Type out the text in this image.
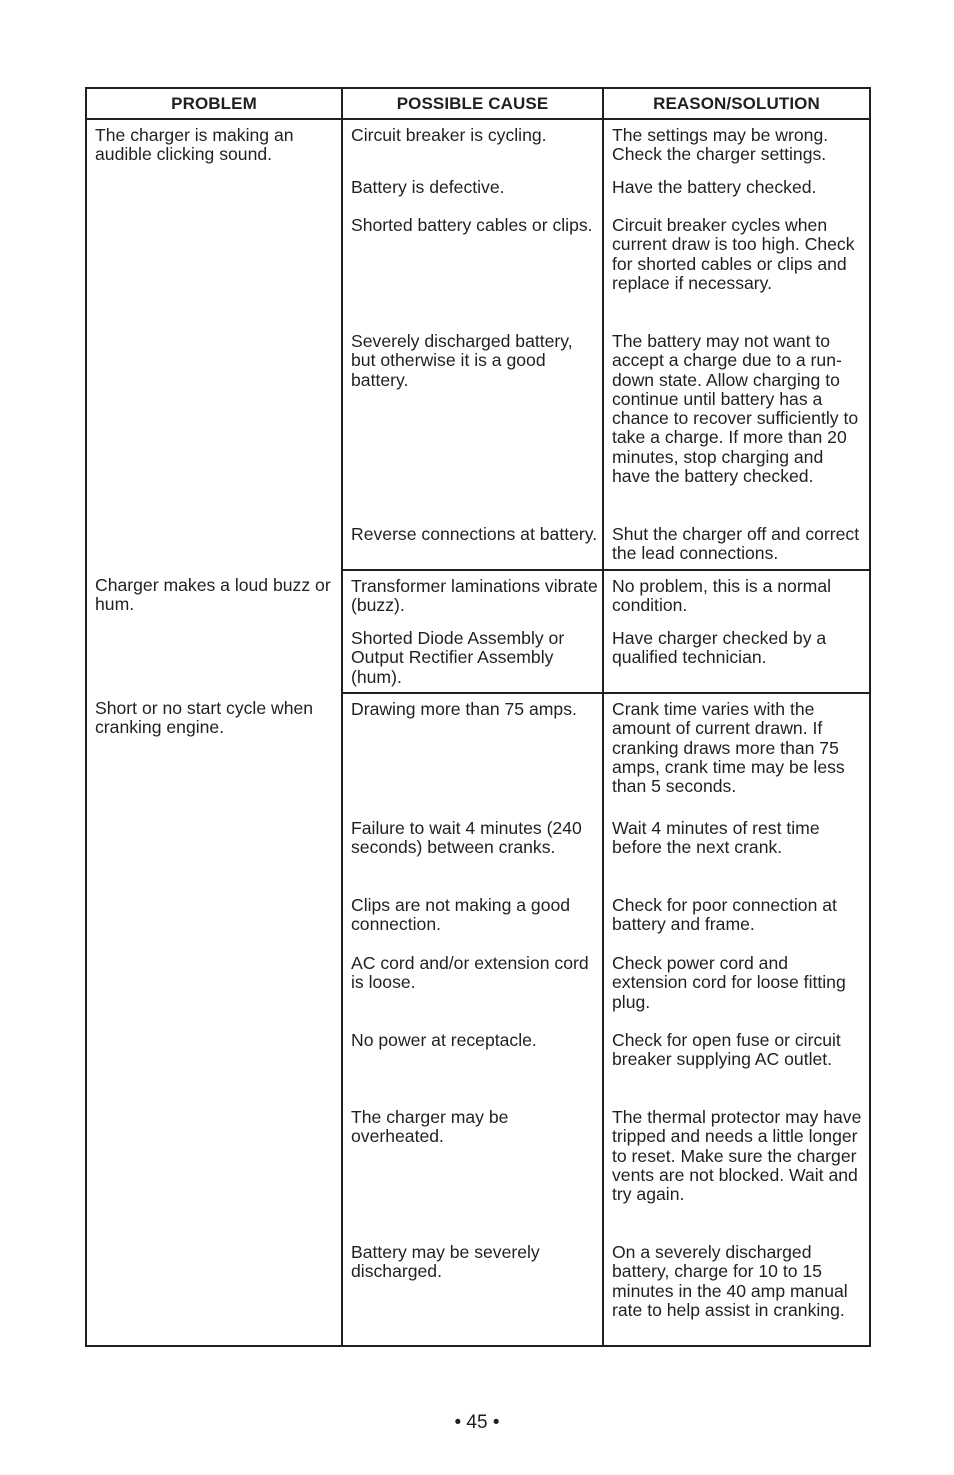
PROBLEM	POSSIBLE CAUSE	REASON/SOLUTION

The charger is making an audible clicking sound.	Circuit breaker is cycling.	The settings may be wrong. Check the charger settings.

	Battery is defective.	Have the battery checked.

	Shorted battery cables or clips.	Circuit breaker cycles when current draw is too high. Check for shorted cables or clips and replace if necessary.

	Severely discharged battery, but otherwise it is a good battery.	The battery may not want to accept a charge due to a run-down state. Allow charging to continue until battery has a chance to recover sufficiently to take a charge. If more than 20 minutes, stop charging and have the battery checked.

	Reverse connections at battery.	Shut the charger off and correct the lead connections.

Charger makes a loud buzz or hum.	Transformer laminations vibrate (buzz).	No problem, this is a normal condition.

	Shorted Diode Assembly or Output Rectifier Assembly (hum).	Have charger checked by a qualified technician.

Short or no start cycle when cranking engine.	Drawing more than 75 amps.	Crank time varies with the amount of current drawn. If cranking draws more than 75 amps, crank time may be less than 5 seconds.

	Failure to wait 4 minutes (240 seconds) between cranks.	Wait 4 minutes of rest time before the next crank.

	Clips are not making a good connection.	Check for poor connection at battery and frame.

	AC cord and/or extension cord is loose.	Check power cord and extension cord for loose fitting plug.

	No power at receptacle.	Check for open fuse or circuit breaker supplying AC outlet.

	The charger may be overheated.	The thermal protector may have tripped and needs a little longer to reset. Make sure the charger vents are not blocked. Wait and try again.

	Battery may be severely discharged.	On a severely discharged battery, charge for 10 to 15 minutes in the 40 amp manual rate to help assist in cranking.
• 45 •
